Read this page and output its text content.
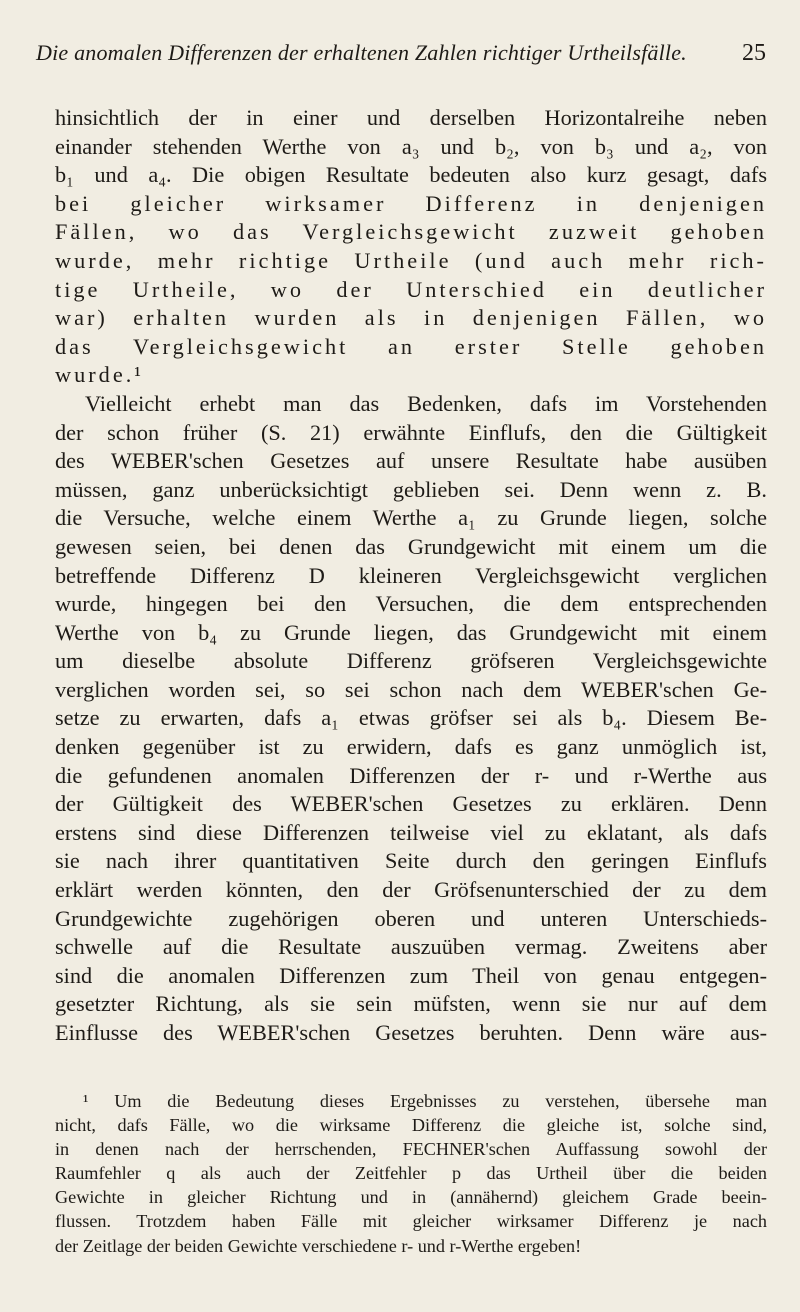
Die anomalen Differenzen der erhaltenen Zahlen richtiger Urtheilsfälle. 25
hinsichtlich der in einer und derselben Horizontalreihe neben
einander stehenden Werthe von a₃ und b₂, von b₃ und a₂, von
b₁ und a₄. Die obigen Resultate bedeuten also kurz gesagt, dafs
bei gleicher wirksamer Differenz in denjenigen
Fällen, wo das Vergleichsgewicht zuzweit gehoben
wurde, mehr richtige Urtheile (und auch mehr rich-
tige Urtheile, wo der Unterschied ein deutlicher
war) erhalten wurden als in denjenigen Fällen, wo
das Vergleichsgewicht an erster Stelle gehoben
wurde.¹
Vielleicht erhebt man das Bedenken, dafs im Vorstehenden
der schon früher (S. 21) erwähnte Einflufs, den die Gültigkeit
des WEBER'schen Gesetzes auf unsere Resultate habe ausüben
müssen, ganz unberücksichtigt geblieben sei. Denn wenn z. B.
die Versuche, welche einem Werthe a₁ zu Grunde liegen, solche
gewesen seien, bei denen das Grundgewicht mit einem um die
betreffende Differenz D kleineren Vergleichsgewicht verglichen
wurde, hingegen bei den Versuchen, die dem entsprechenden
Werthe von b₄ zu Grunde liegen, das Grundgewicht mit einem
um dieselbe absolute Differenz gröfseren Vergleichsgewichte
verglichen worden sei, so sei schon nach dem WEBER'schen Ge-
setze zu erwarten, dafs a₁ etwas gröfser sei als b₄. Diesem Be-
denken gegenüber ist zu erwidern, dafs es ganz unmöglich ist,
die gefundenen anomalen Differenzen der r- und r-Werthe aus
der Gültigkeit des WEBER'schen Gesetzes zu erklären. Denn
erstens sind diese Differenzen teilweise viel zu eklatant, als dafs
sie nach ihrer quantitativen Seite durch den geringen Einflufs
erklärt werden könnten, den der Gröfsenunterschied der zu dem
Grundgewichte zugehörigen oberen und unteren Unterschieds-
schwelle auf die Resultate auszuüben vermag. Zweitens aber
sind die anomalen Differenzen zum Theil von genau entgegen-
gesetzter Richtung, als sie sein müfsten, wenn sie nur auf dem
Einflusse des WEBER'schen Gesetzes beruhten. Denn wäre aus-
¹ Um die Bedeutung dieses Ergebnisses zu verstehen, übersehe man
nicht, dafs Fälle, wo die wirksame Differenz die gleiche ist, solche sind,
in denen nach der herrschenden, FECHNER'schen Auffassung sowohl der
Raumfehler q als auch der Zeitfehler p das Urtheil über die beiden
Gewichte in gleicher Richtung und in (annähernd) gleichem Grade beein-
flussen. Trotzdem haben Fälle mit gleicher wirksamer Differenz je nach
der Zeitlage der beiden Gewichte verschiedene r- und r-Werthe ergeben!
